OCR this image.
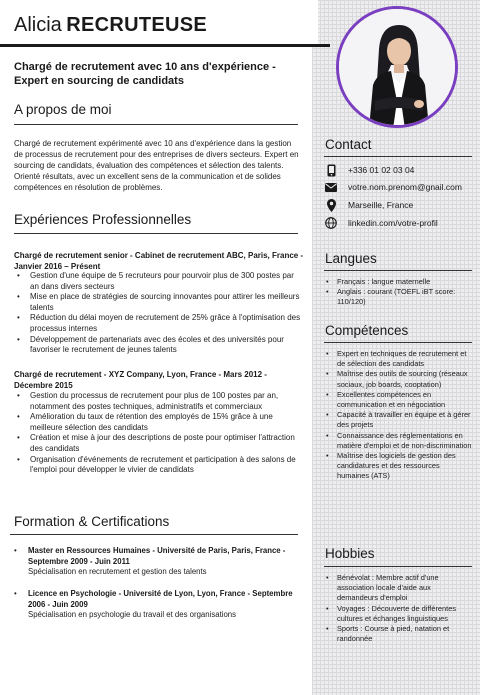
Alicia RECRUTEUSE
Chargé de recrutement avec 10 ans d'expérience - Expert en sourcing de candidats
A propos de moi
Chargé de recrutement expérimenté avec 10 ans d'expérience dans la gestion de processus de recrutement pour des entreprises de divers secteurs. Expert en sourcing de candidats, évaluation des compétences et sélection des talents. Orienté résultats, avec un excellent sens de la communication et de solides compétences en résolution de problèmes.
Expériences Professionnelles
Chargé de recrutement senior - Cabinet de recrutement ABC, Paris, France - Janvier 2016 – Présent
• Gestion d'une équipe de 5 recruteurs pour pourvoir plus de 300 postes par an dans divers secteurs
• Mise en place de stratégies de sourcing innovantes pour attirer les meilleurs talents
• Réduction du délai moyen de recrutement de 25% grâce à l'optimisation des processus internes
• Développement de partenariats avec des écoles et des universités pour favoriser le recrutement de jeunes talents
Chargé de recrutement - XYZ Company, Lyon, France - Mars 2012 - Décembre 2015
• Gestion du processus de recrutement pour plus de 100 postes par an, notamment des postes techniques, administratifs et commerciaux
• Amélioration du taux de rétention des employés de 15% grâce à une meilleure sélection des candidats
• Création et mise à jour des descriptions de poste pour optimiser l'attraction des candidats
• Organisation d'événements de recrutement et participation à des salons de l'emploi pour développer le vivier de candidats
Formation & Certifications
• Master en Ressources Humaines - Université de Paris, Paris, France - Septembre 2009 - Juin 2011
Spécialisation en recrutement et gestion des talents
• Licence en Psychologie - Université de Lyon, Lyon, France - Septembre 2006 - Juin 2009
Spécialisation en psychologie du travail et des organisations
Contact
+336 01 02 03 04
votre.nom.prenom@gnail.com
Marseille, France
linkedin.com/votre-profil
Langues
• Français : langue maternelle
• Anglais : courant (TOEFL iBT score: 110/120)
Compétences
• Expert en techniques de recrutement et de sélection des candidats
• Maîtrise des outils de sourcing (réseaux sociaux, job boards, cooptation)
• Excellentes compétences en communication et en négociation
• Capacité à travailler en équipe et à gérer des projets
• Connaissance des réglementations en matière d'emploi et de non-discrimination
• Maîtrise des logiciels de gestion des candidatures et des ressources humaines (ATS)
Hobbies
• Bénévolat : Membre actif d'une association locale d'aide aux demandeurs d'emploi
• Voyages : Découverte de différentes cultures et échanges linguistiques
• Sports : Course à pied, natation et randonnée
